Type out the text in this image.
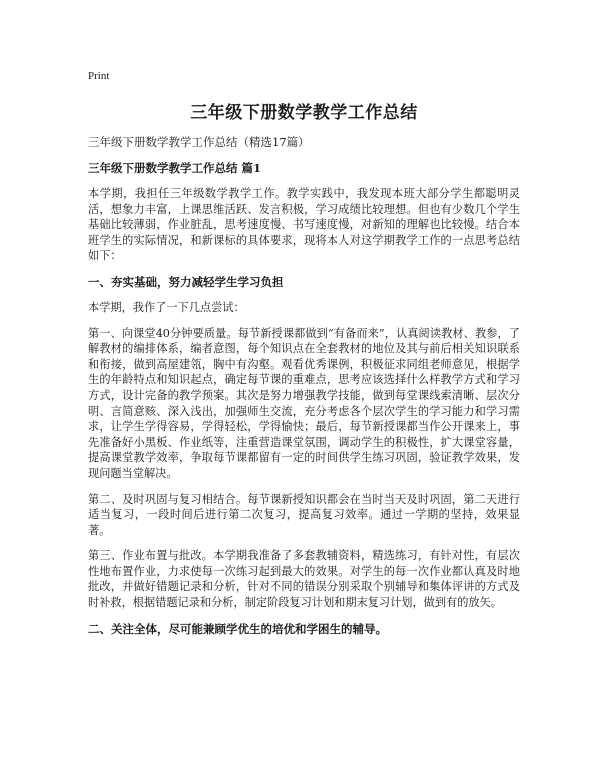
Print
三年级下册数学教学工作总结

三年级下册数学教学工作总结（精选17篇）

三年级下册数学教学工作总结 篇1

本学期，我担任三年级数学教学工作。教学实践中，我发现本班大部分学生都聪明灵活，想象力丰富，上课思维活跃、发言积极，学习成绩比较理想。但也有少数几个学生基础比较薄弱，作业脏乱，思考速度慢、书写速度慢，对新知的理解也比较慢。结合本班学生的实际情况，和新课标的具体要求，现将本人对这学期教学工作的一点思考总结如下：

一、夯实基础，努力减轻学生学习负担

本学期，我作了一下几点尝试：

第一、向课堂40分钟要质量。每节新授课都做到“有备而来”，认真阅读教材、教参，了解教材的编排体系，编者意图，每个知识点在全套教材的地位及其与前后相关知识联系和衔接，做到高屋建瓴，胸中有沟壑。观看优秀课例，积极征求同组老师意见，根据学生的年龄特点和知识起点，确定每节课的重难点，思考应该选择什么样教学方式和学习方式，设计完备的教学预案。其次是努力增强教学技能，做到每堂课线索清晰、层次分明、言简意赅、深入浅出，加强师生交流，充分考虑各个层次学生的学习能力和学习需求，让学生学得容易，学得轻松，学得愉快；最后，每节新授课都当作公开课来上，事先准备好小黑板、作业纸等，注重营造课堂氛围，调动学生的积极性，扩大课堂容量，提高课堂教学效率，争取每节课都留有一定的时间供学生练习巩固，验证教学效果，发现问题当堂解决。

第二、及时巩固与复习相结合。每节课新授知识都会在当时当天及时巩固，第二天进行适当复习，一段时间后进行第二次复习，提高复习效率。通过一学期的坚持，效果显著。

第三、作业布置与批改。本学期我准备了多套教辅资料，精选练习，有针对性，有层次性地布置作业，力求使每一次练习起到最大的效果。对学生的每一次作业都认真及时地批改，并做好错题记录和分析，针对不同的错误分别采取个别辅导和集体评讲的方式及时补救，根据错题记录和分析，制定阶段复习计划和期末复习计划，做到有的放矢。

二、关注全体，尽可能兼顾学优生的培优和学困生的辅导。
